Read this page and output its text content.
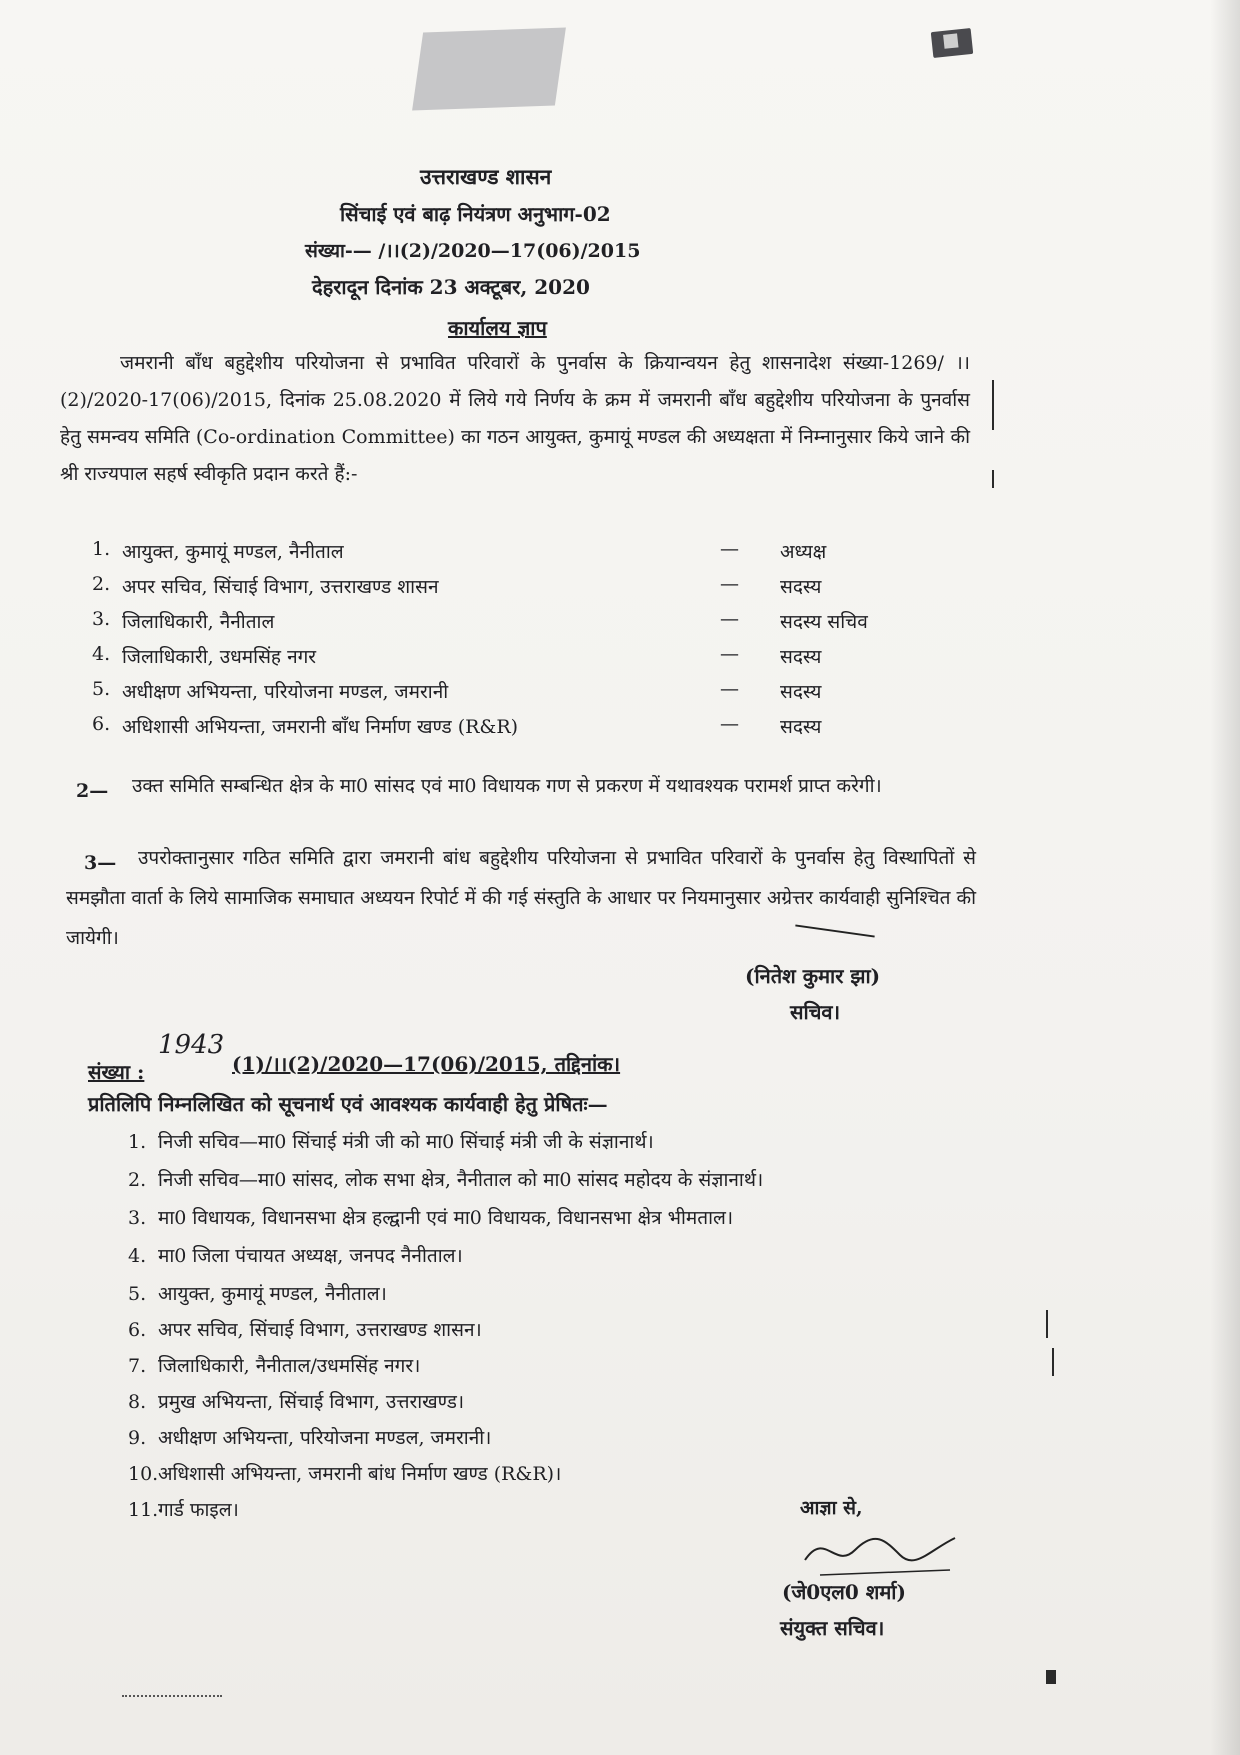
उत्तराखण्ड शासन
सिंचाई एवं बाढ़ नियंत्रण अनुभाग-02
संख्या-— /।।(2)/2020—17(06)/2015
देहरादून दिनांक 23 अक्टूबर, 2020
कार्यालय ज्ञाप
जमरानी बाँध बहुद्देशीय परियोजना से प्रभावित परिवारों के पुनर्वास के क्रियान्वयन हेतु शासनादेश संख्या-1269/ ।।(2)/2020-17(06)/2015, दिनांक 25.08.2020 में लिये गये निर्णय के क्रम में जमरानी बाँध बहुद्देशीय परियोजना के पुनर्वास हेतु समन्वय समिति (Co-ordination Committee) का गठन आयुक्त, कुमायूं मण्डल की अध्यक्षता में निम्नानुसार किये जाने की श्री राज्यपाल सहर्ष स्वीकृति प्रदान करते हैं:-
1. आयुक्त, कुमायूं मण्डल, नैनीताल	— अध्यक्ष
2. अपर सचिव, सिंचाई विभाग, उत्तराखण्ड शासन	— सदस्य
3. जिलाधिकारी, नैनीताल	— सदस्य सचिव
4. जिलाधिकारी, उधमसिंह नगर	— सदस्य
5. अधीक्षण अभियन्ता, परियोजना मण्डल, जमरानी	— सदस्य
6. अधिशासी अभियन्ता, जमरानी बाँध निर्माण खण्ड (R&R)	— सदस्य
2—	उक्त समिति सम्बन्धित क्षेत्र के मा0 सांसद एवं मा0 विधायक गण से प्रकरण में यथावश्यक परामर्श प्राप्त करेगी।
3—	उपरोक्तानुसार गठित समिति द्वारा जमरानी बांध बहुद्देशीय परियोजना से प्रभावित परिवारों के पुनर्वास हेतु विस्थापितों से समझौता वार्ता के लिये सामाजिक समाघात अध्ययन रिपोर्ट में की गई संस्तुति के आधार पर नियमानुसार अग्रेत्तर कार्यवाही सुनिश्चित की जायेगी।
(नितेश कुमार झा)
सचिव।
संख्या :
1943
(1)/।।(2)/2020—17(06)/2015, तद्दिनांक।
प्रतिलिपि निम्नलिखित को सूचनार्थ एवं आवश्यक कार्यवाही हेतु प्रेषितः—
1. निजी सचिव—मा0 सिंचाई मंत्री जी को मा0 सिंचाई मंत्री जी के संज्ञानार्थ।
2. निजी सचिव—मा0 सांसद, लोक सभा क्षेत्र, नैनीताल को मा0 सांसद महोदय के संज्ञानार्थ।
3. मा0 विधायक, विधानसभा क्षेत्र हल्द्वानी एवं मा0 विधायक, विधानसभा क्षेत्र भीमताल।
4. मा0 जिला पंचायत अध्यक्ष, जनपद नैनीताल।
5. आयुक्त, कुमायूं मण्डल, नैनीताल।
6. अपर सचिव, सिंचाई विभाग, उत्तराखण्ड शासन।
7. जिलाधिकारी, नैनीताल/उधमसिंह नगर।
8. प्रमुख अभियन्ता, सिंचाई विभाग, उत्तराखण्ड।
9. अधीक्षण अभियन्ता, परियोजना मण्डल, जमरानी।
10.अधिशासी अभियन्ता, जमरानी बांध निर्माण खण्ड (R&R)।
11.गार्ड फाइल।	आज्ञा से,
(जे0एल0 शर्मा)
संयुक्त सचिव।
